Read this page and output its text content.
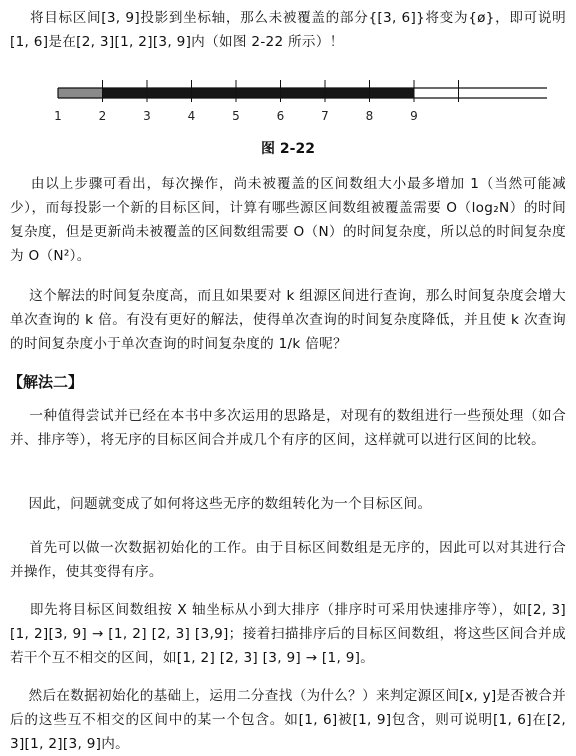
将目标区间[3, 9]投影到坐标轴，那么未被覆盖的部分{[3, 6]}将变为{ø}，即可说明[1, 6]是在[2, 3][1, 2][3, 9]内（如图 2-22 所示）！

1	2	3	4	5	6	7	8	9
图 2-22

由以上步骤可看出，每次操作，尚未被覆盖的区间数组大小最多增加 1（当然可能减少），而每投影一个新的目标区间，计算有哪些源区间数组被覆盖需要 O（log₂N）的时间复杂度，但是更新尚未被覆盖的区间数组需要 O（N）的时间复杂度，所以总的时间复杂度为 O（N²）。

这个解法的时间复杂度高，而且如果要对 k 组源区间进行查询，那么时间复杂度会增大单次查询的 k 倍。有没有更好的解法，使得单次查询的时间复杂度降低，并且使 k 次查询的时间复杂度小于单次查询的时间复杂度的 1/k 倍呢？

【解法二】

一种值得尝试并已经在本书中多次运用的思路是，对现有的数组进行一些预处理（如合并、排序等），将无序的目标区间合并成几个有序的区间，这样就可以进行区间的比较。

因此，问题就变成了如何将这些无序的数组转化为一个目标区间。

首先可以做一次数据初始化的工作。由于目标区间数组是无序的，因此可以对其进行合并操作，使其变得有序。

即先将目标区间数组按 X 轴坐标从小到大排序（排序时可采用快速排序等），如[2, 3][1, 2][3, 9] → [1, 2] [2, 3] [3,9]；接着扫描排序后的目标区间数组，将这些区间合并成若干个互不相交的区间，如[1, 2] [2, 3] [3, 9] → [1, 9]。

然后在数据初始化的基础上，运用二分查找（为什么？）来判定源区间[x, y]是否被合并后的这些互不相交的区间中的某一个包含。如[1, 6]被[1, 9]包含，则可说明[1, 6]在[2, 3][1, 2][3, 9]内。
